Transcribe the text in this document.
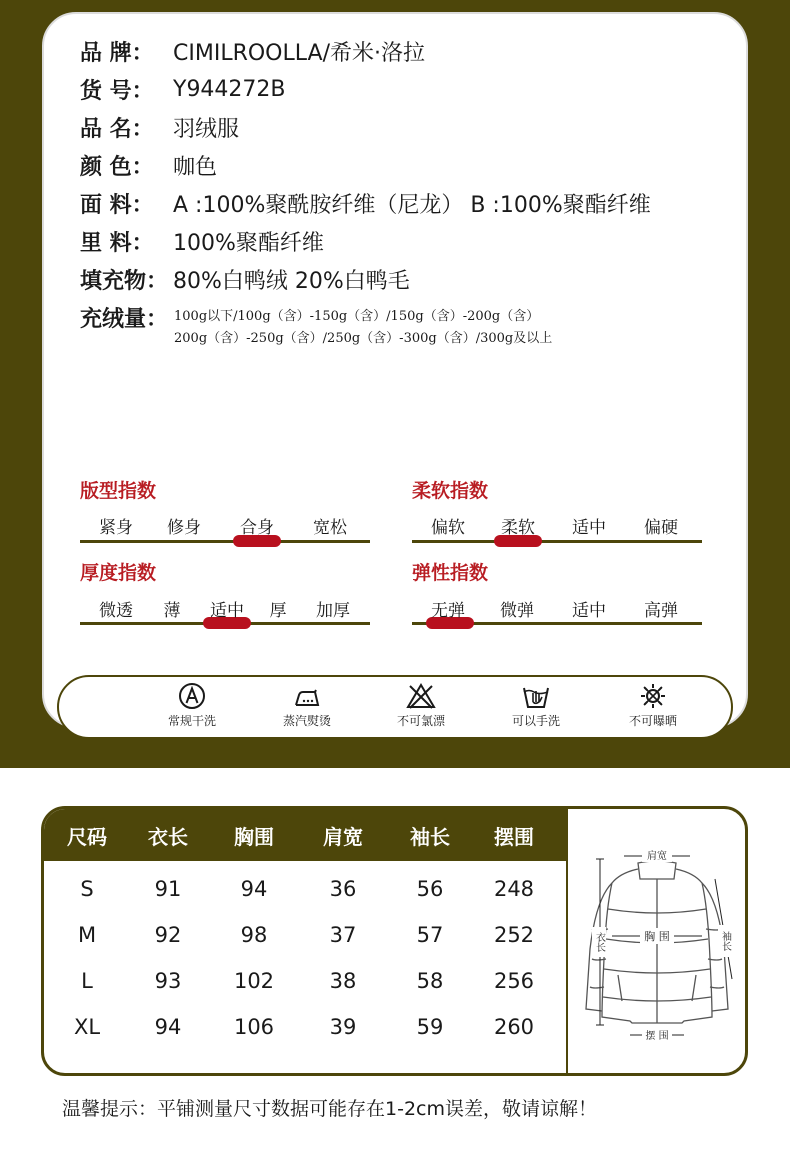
品 牌： CIMILROOLLA/希米·洛拉
货 号： Y944272B
品 名： 羽绒服
颜 色： 咖色
面 料： A :100%聚酰胺纤维（尼龙） B :100%聚酯纤维
里 料： 100%聚酯纤维
填充物： 80%白鸭绒 20%白鸭毛
充绒量： 100g以下/100g（含）-150g（含）/150g（含）-200g（含）
200g（含）-250g（含）/250g（含）-300g（含）/300g及以上
版型指数
紧身 修身 合身 宽松
柔软指数
偏软 柔软 适中 偏硬
厚度指数
微透 薄 适中 厚 加厚
弹性指数
无弹 微弹 适中 高弹
常规干洗	蒸汽熨烫	不可氯漂	可以手洗	不可曝晒
尺码 衣长 胸围 肩宽 袖长 摆围
S	91	94	36	56 248
M	92	98	37	57 252
L	93	102	38	58 256
XL	94	106	39	59 260
肩宽
胸 围
摆 围
衣长	袖长
温馨提示：平铺测量尺寸数据可能存在1-2cm误差，敬请谅解！
